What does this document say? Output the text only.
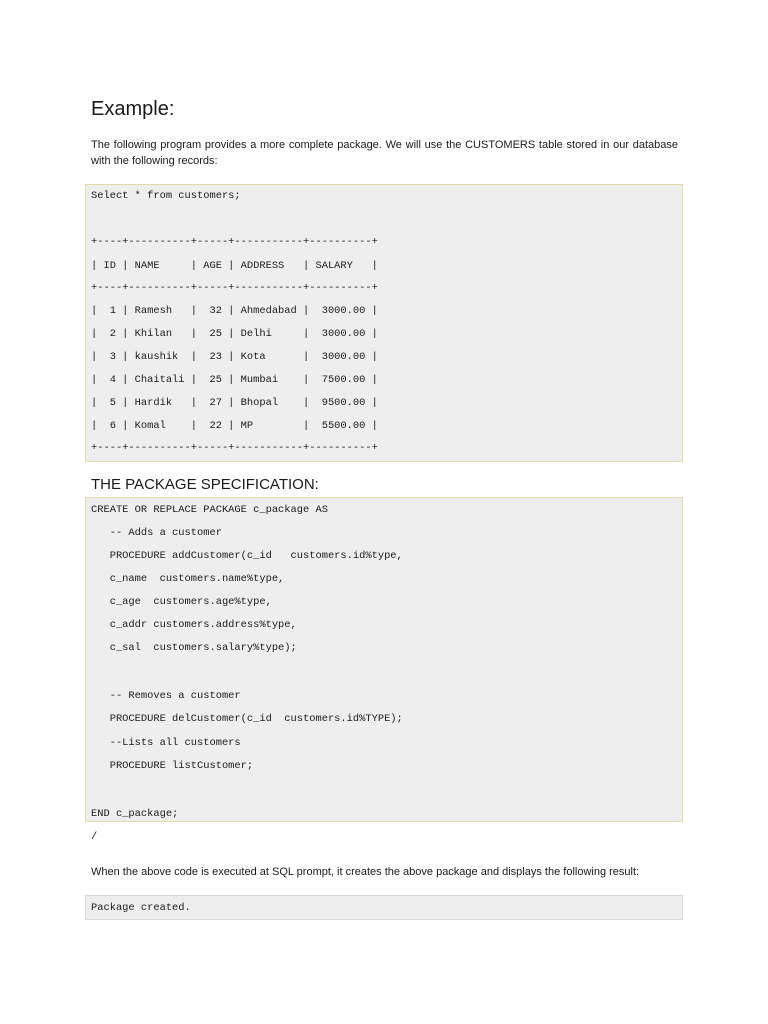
Example:

The following program provides a more complete package. We will use the CUSTOMERS table stored in our database with the following records:

Select * from customers;
+----+----------+-----+-----------+----------+
| ID | NAME     | AGE | ADDRESS   | SALARY   |
+----+----------+-----+-----------+----------+
|  1 | Ramesh   |  32 | Ahmedabad |  3000.00 |
|  2 | Khilan   |  25 | Delhi     |  3000.00 |
|  3 | kaushik  |  23 | Kota      |  3000.00 |
|  4 | Chaitali |  25 | Mumbai    |  7500.00 |
|  5 | Hardik   |  27 | Bhopal    |  9500.00 |
|  6 | Komal    |  22 | MP        |  5500.00 |
+----+----------+-----+-----------+----------+
THE PACKAGE SPECIFICATION:
CREATE OR REPLACE PACKAGE c_package AS
-- Adds a customer
PROCEDURE addCustomer(c_id   customers.id%type,
c_name  customers.name%type,
c_age  customers.age%type,
c_addr customers.address%type,
c_sal  customers.salary%type);
-- Removes a customer
PROCEDURE delCustomer(c_id  customers.id%TYPE);
--Lists all customers
PROCEDURE listCustomer;
END c_package;
/

When the above code is executed at SQL prompt, it creates the above package and displays the following result:

Package created.
